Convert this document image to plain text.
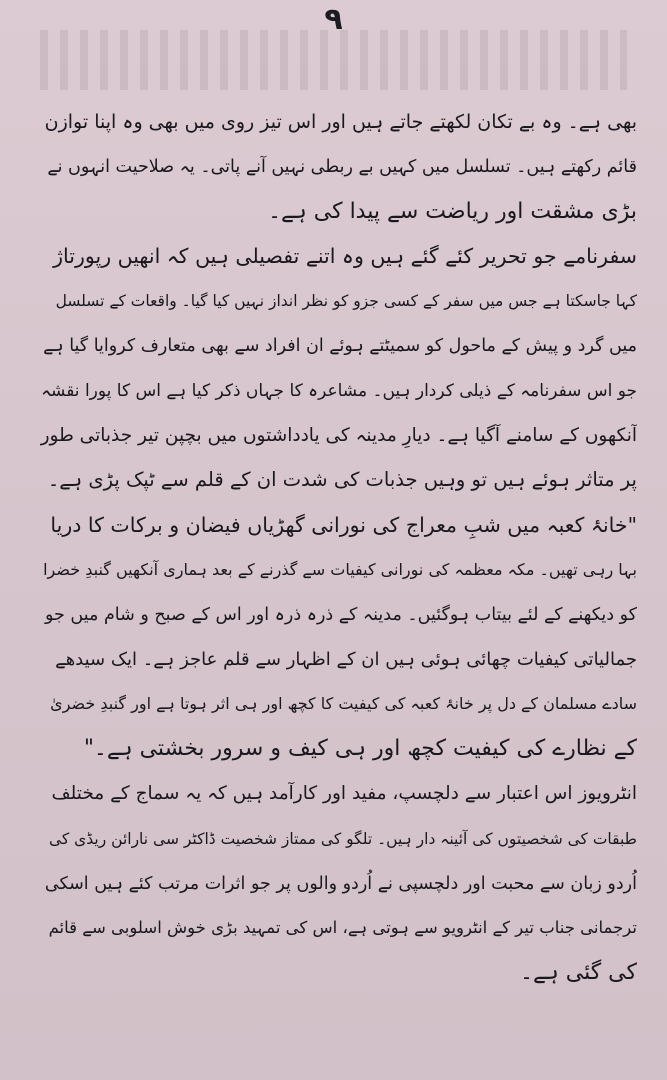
۹
بھی ہے۔ وہ بے تکان لکھتے جاتے ہیں اور اس تیز روی میں بھی وہ اپنا توازن
قائم رکھتے ہیں۔ تسلسل میں کہیں بے ربطی نہیں آنے پاتی۔ یہ صلاحیت انہوں نے
بڑی مشقت اور ریاضت سے پیدا کی ہے۔
سفرنامے جو تحریر کئے گئے ہیں وہ اتنے تفصیلی ہیں کہ انھیں رپورتاژ
کہا جاسکتا ہے جس میں سفر کے کسی جزو کو نظر انداز نہیں کیا گیا۔ واقعات کے تسلسل
میں گرد و پیش کے ماحول کو سمیٹتے ہوئے ان افراد سے بھی متعارف کروایا گیا ہے
جو اس سفرنامہ کے ذیلی کردار ہیں۔ مشاعرہ کا جہاں ذکر کیا ہے اس کا پورا نقشہ
آنکھوں کے سامنے آگیا ہے۔ دیارِ مدینہ کی یادداشتوں میں بچپن تیر جذباتی طور
پر متاثر ہوئے ہیں تو وہیں جذبات کی شدت ان کے قلم سے ٹپک پڑی ہے۔
"خانۂ کعبہ میں شبِ معراج کی نورانی گھڑیاں فیضان و برکات کا دریا
بہا رہی تھیں۔ مکہ معظمہ کی نورانی کیفیات سے گذرنے کے بعد ہماری آنکھیں گنبدِ خضرا
کو دیکھنے کے لئے بیتاب ہوگئیں۔ مدینہ کے ذرہ ذرہ اور اس کے صبح و شام میں جو
جمالیاتی کیفیات چھائی ہوئی ہیں ان کے اظہار سے قلم عاجز ہے۔ ایک سیدھے
سادے مسلمان کے دل پر خانۂ کعبہ کی کیفیت کا کچھ اور ہی اثر ہوتا ہے اور گنبدِ خضریٰ
کے نظارے کی کیفیت کچھ اور ہی کیف و سرور بخشتی ہے۔"
انٹرویوز اس اعتبار سے دلچسپ، مفید اور کارآمد ہیں کہ یہ سماج کے مختلف
طبقات کی شخصیتوں کی آئینہ دار ہیں۔ تلگو کی ممتاز شخصیت ڈاکٹر سی نارائن ریڈی کی
اُردو زبان سے محبت اور دلچسپی نے اُردو والوں پر جو اثرات مرتب کئے ہیں اسکی
ترجمانی جناب تیر کے انٹرویو سے ہوتی ہے، اس کی تمہید بڑی خوش اسلوبی سے قائم
کی گئی ہے۔
